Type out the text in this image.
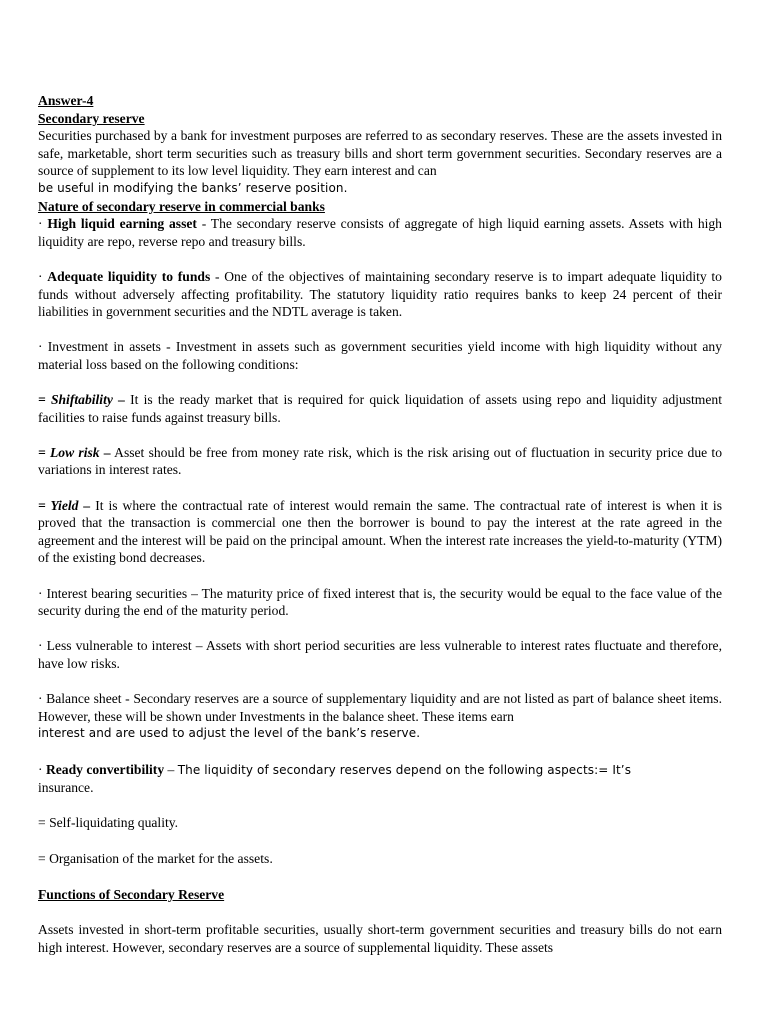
Answer-4

Secondary reserve

Securities purchased by a bank for investment purposes are referred to as secondary reserves. These are the assets invested in safe, marketable, short term securities such as treasury bills and short term government securities. Secondary reserves are a source of supplement to its low level liquidity. They earn interest and can

be useful in modifying the banks’ reserve position.

Nature of secondary reserve in commercial banks

· High liquid earning asset - The secondary reserve consists of aggregate of high liquid earning assets. Assets with high liquidity are repo, reverse repo and treasury bills.

· Adequate liquidity to funds - One of the objectives of maintaining secondary reserve is to impart adequate liquidity to funds without adversely affecting profitability. The statutory liquidity ratio requires banks to keep 24 percent of their liabilities in government securities and the NDTL average is taken.

· Investment in assets - Investment in assets such as government securities yield income with high liquidity without any material loss based on the following conditions:

= Shiftability – It is the ready market that is required for quick liquidation of assets using repo and liquidity adjustment facilities to raise funds against treasury bills.

= Low risk – Asset should be free from money rate risk, which is the risk arising out of fluctuation in security price due to variations in interest rates.

= Yield – It is where the contractual rate of interest would remain the same. The contractual rate of interest is when it is proved that the transaction is commercial one then the borrower is bound to pay the interest at the rate agreed in the agreement and the interest will be paid on the principal amount. When the interest rate increases the yield-to-maturity (YTM) of the existing bond decreases.

· Interest bearing securities – The maturity price of fixed interest that is, the security would be equal to the face value of the security during the end of the maturity period.

· Less vulnerable to interest – Assets with short period securities are less vulnerable to interest rates fluctuate and therefore, have low risks.

· Balance sheet - Secondary reserves are a source of supplementary liquidity and are not listed as part of balance sheet items. However, these will be shown under Investments in the balance sheet. These items earn

interest and are used to adjust the level of the bank’s reserve.

· Ready convertibility – The liquidity of secondary reserves depend on the following aspects:= It’s

insurance.

= Self-liquidating quality.

= Organisation of the market for the assets.

Functions of Secondary Reserve

Assets invested in short-term profitable securities, usually short-term government securities and treasury bills do not earn high interest. However, secondary reserves are a source of supplemental liquidity. These assets
